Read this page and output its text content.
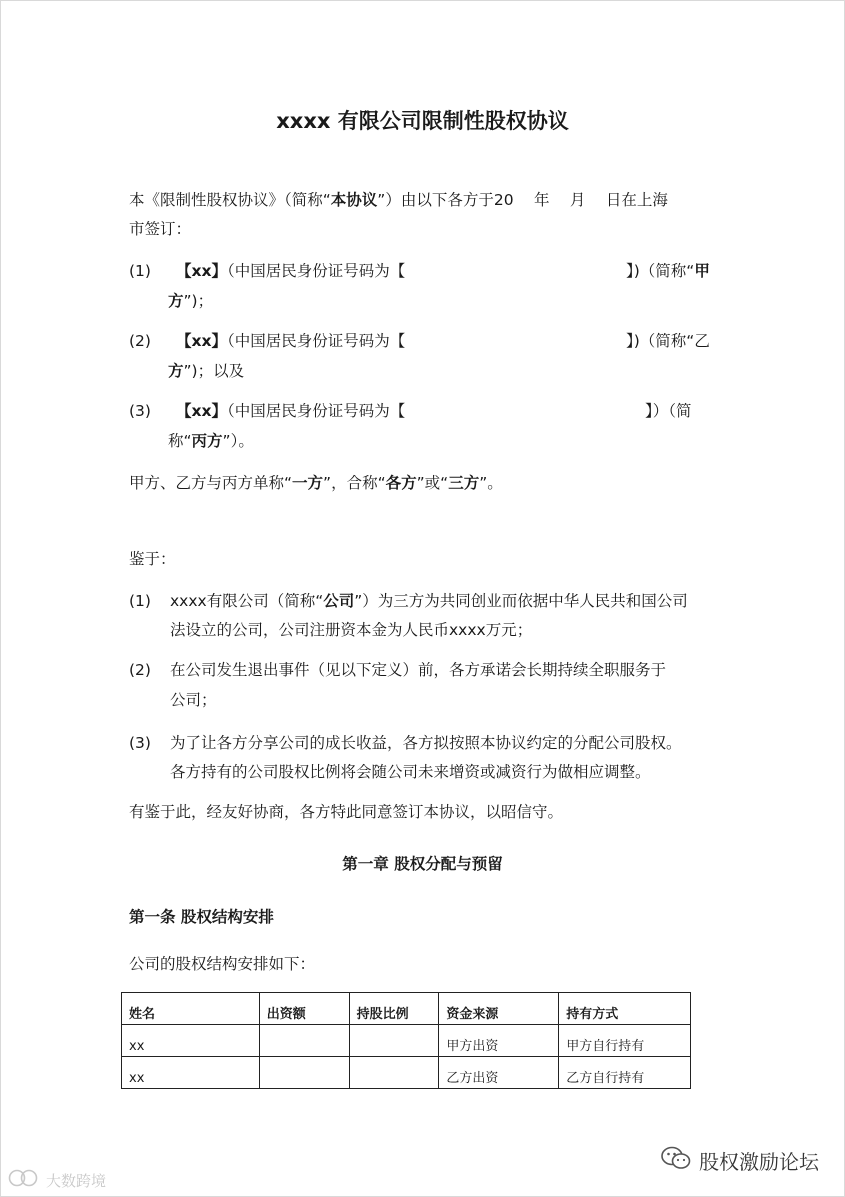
xxxx 有限公司限制性股权协议
本《限制性股权协议》（简称“本协议”）由以下各方于20　 年　 月　 日在上海
市签订：
(1) 【xx】（中国居民身份证号码为【	】)（简称“甲
方”)；
(2) 【xx】（中国居民身份证号码为【	】)（简称“乙
方”)；以及
(3) 【xx】（中国居民身份证号码为【	】）（简
称“丙方”）。
甲方、乙方与丙方单称“一方”，合称“各方”或“三方”。
鉴于：
(1) xxxx有限公司（简称“公司”）为三方为共同创业而依据中华人民共和国公司
法设立的公司，公司注册资本金为人民币xxxx万元；
(2) 在公司发生退出事件（见以下定义）前，各方承诺会长期持续全职服务于
公司；
(3) 为了让各方分享公司的成长收益，各方拟按照本协议约定的分配公司股权。
各方持有的公司股权比例将会随公司未来增资或减资行为做相应调整。
有鉴于此，经友好协商，各方特此同意签订本协议，以昭信守。
第一章 股权分配与预留
第一条 股权结构安排
公司的股权结构安排如下：
姓名	出资额	持股比例	资金来源	持有方式
xx			甲方出资	甲方自行持有
xx			乙方出资	乙方自行持有
股权激励论坛
大数跨境
